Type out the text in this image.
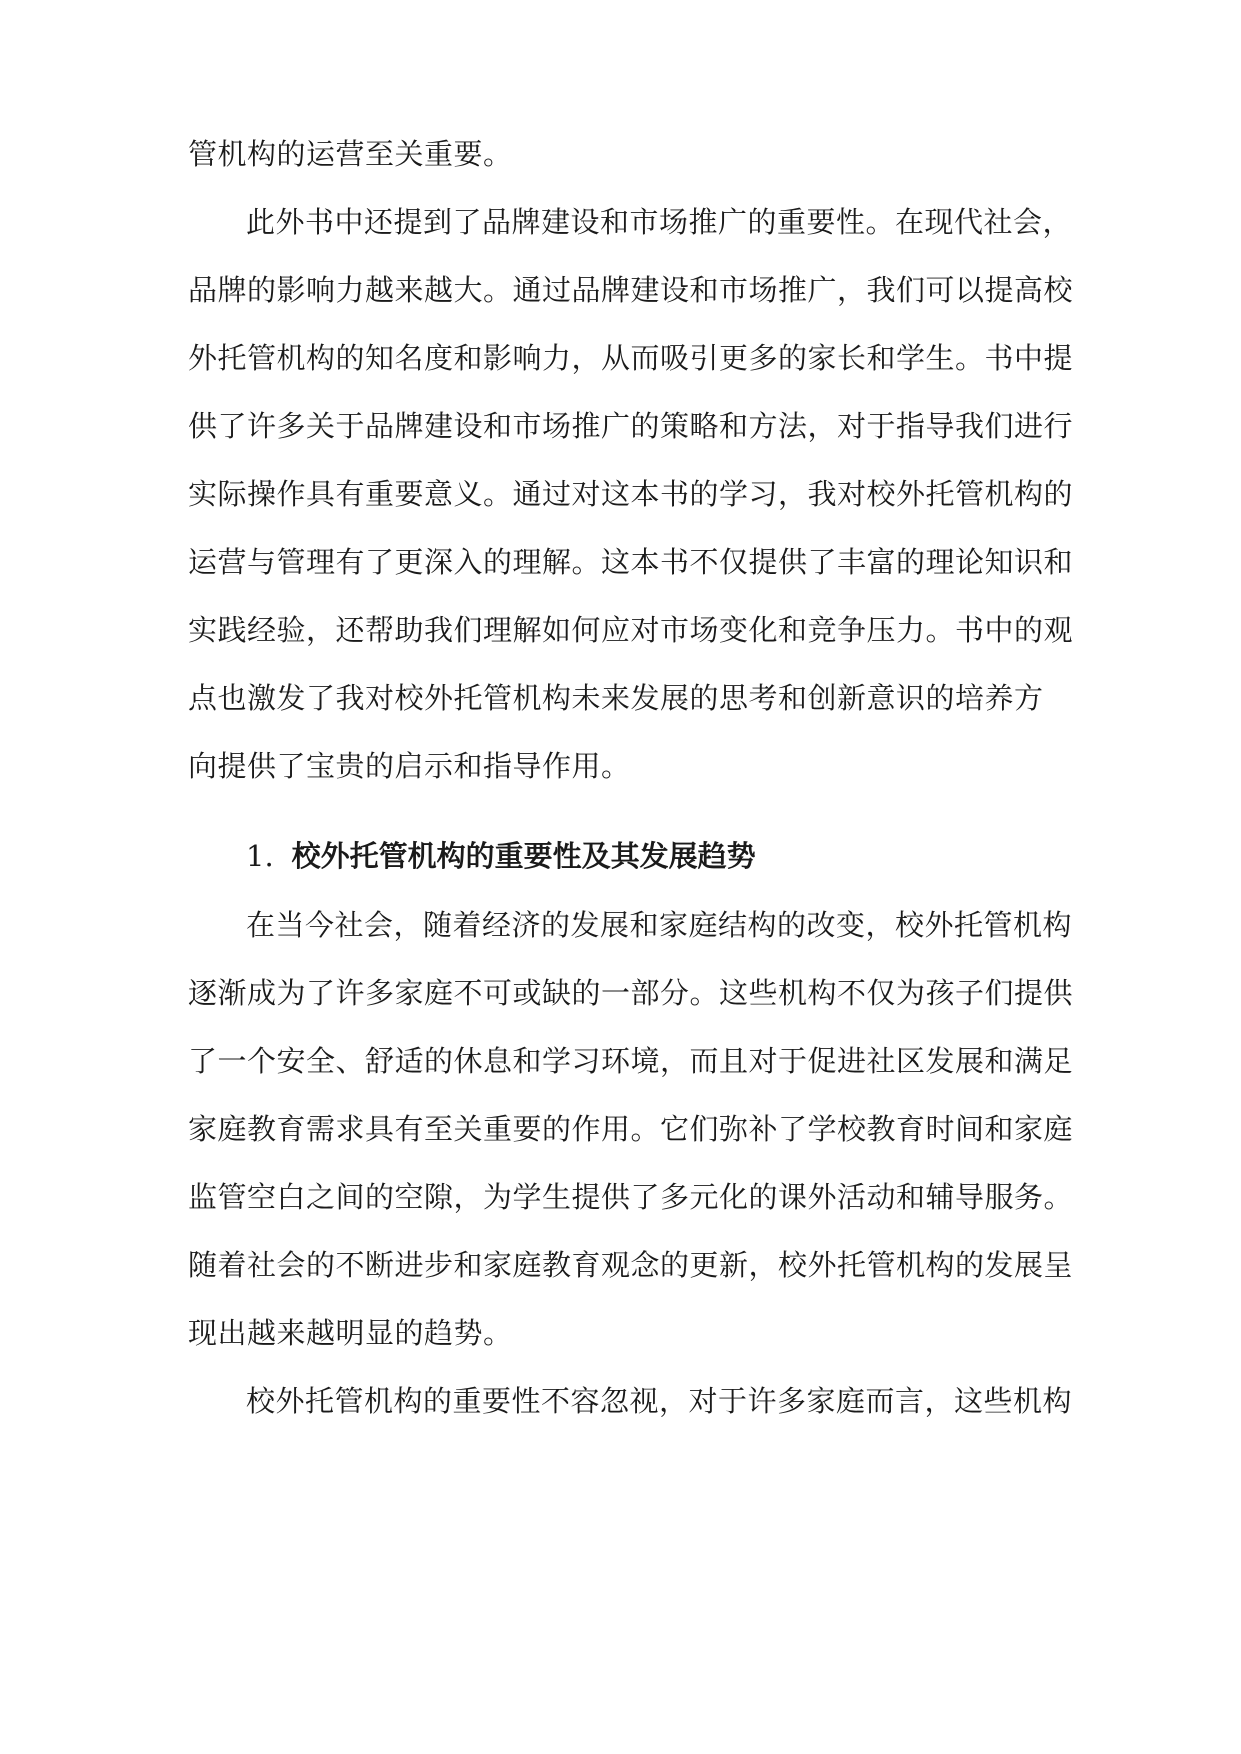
管机构的运营至关重要。
此外书中还提到了品牌建设和市场推广的重要性。在现代社会，
品牌的影响力越来越大。通过品牌建设和市场推广，我们可以提高校
外托管机构的知名度和影响力，从而吸引更多的家长和学生。书中提
供了许多关于品牌建设和市场推广的策略和方法，对于指导我们进行
实际操作具有重要意义。通过对这本书的学习，我对校外托管机构的
运营与管理有了更深入的理解。这本书不仅提供了丰富的理论知识和
实践经验，还帮助我们理解如何应对市场变化和竞争压力。书中的观
点也激发了我对校外托管机构未来发展的思考和创新意识的培养方
向提供了宝贵的启示和指导作用。
1. 校外托管机构的重要性及其发展趋势
在当今社会，随着经济的发展和家庭结构的改变，校外托管机构
逐渐成为了许多家庭不可或缺的一部分。这些机构不仅为孩子们提供
了一个安全、舒适的休息和学习环境，而且对于促进社区发展和满足
家庭教育需求具有至关重要的作用。它们弥补了学校教育时间和家庭
监管空白之间的空隙，为学生提供了多元化的课外活动和辅导服务。
随着社会的不断进步和家庭教育观念的更新，校外托管机构的发展呈
现出越来越明显的趋势。
校外托管机构的重要性不容忽视，对于许多家庭而言，这些机构
